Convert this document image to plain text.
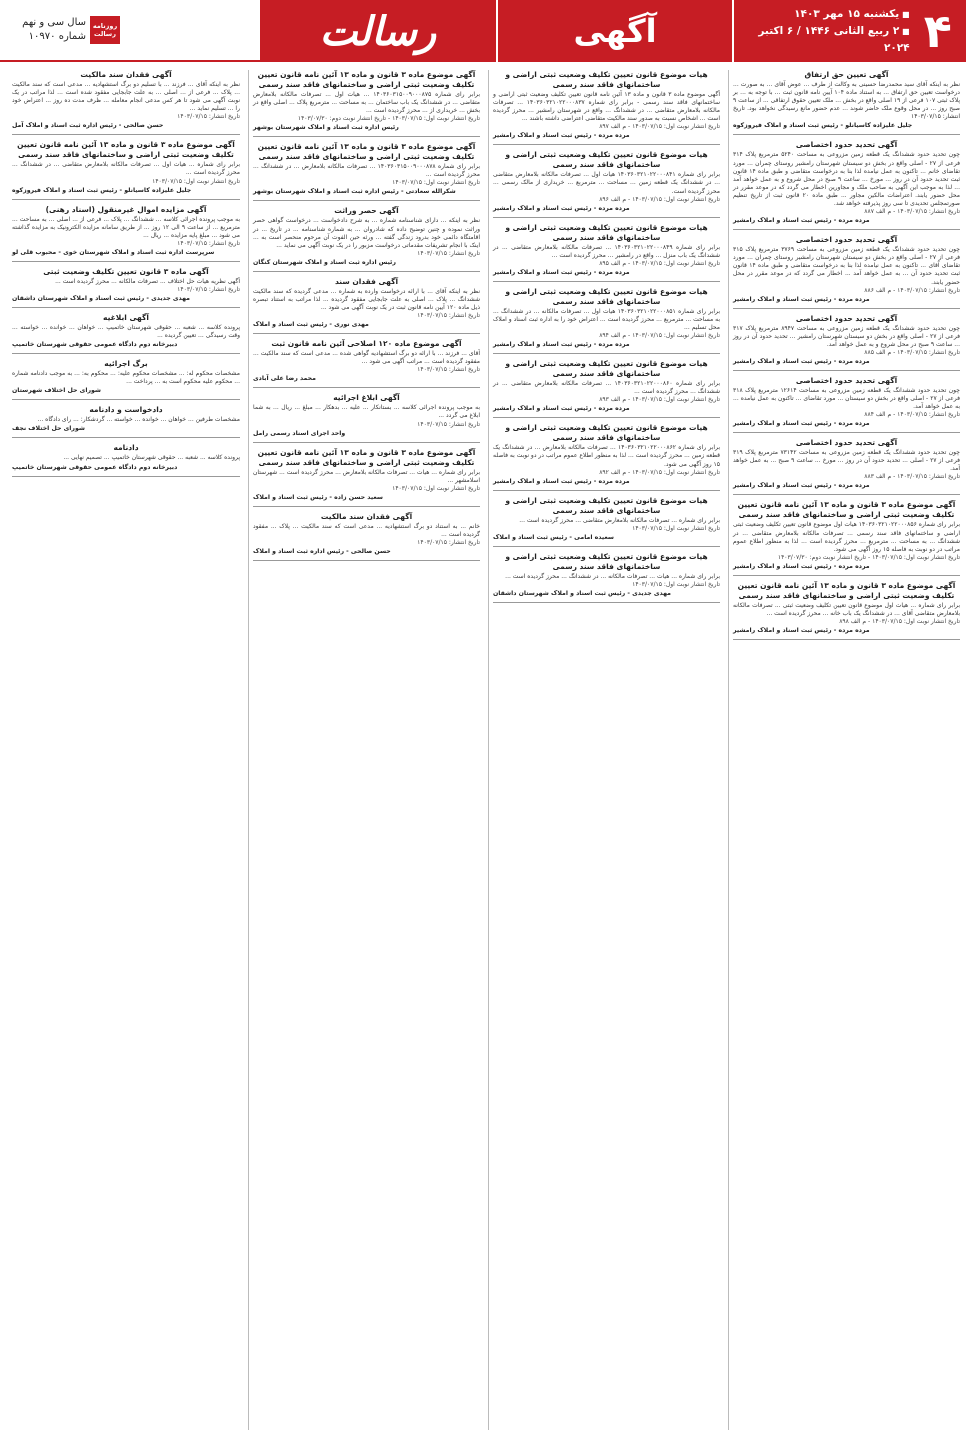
روزنامه رسالت
سال سی و نهم
شماره ۱۰۹۷۰	رسالت	آگهی	۴
■ یکشنبه ۱۵ مهر ۱۴۰۳
■ ۲ ربیع الثانی ۱۴۴۶ / ۶ اکتبر ۲۰۲۴
آگهی تعیین حق ارتفاق
نظر به اینکه آقای سید محمدرضا حسینی به وکالت از طرف ... عوض آقای ... به صورت ... درخواست تعیین حق ارتفاق ... به استناد ماده ۱۰۴ آیین نامه قانون ثبت ... با توجه به ... بر پلاک ثبتی ۱۰۷ فرعی از ۱۹ اصلی واقع در بخش ... ملک تعیین حقوق ارتفاقی ... از ساعت ۹ صبح روز ... در محل وقوع ملک حاضر شوند ... عدم حضور مانع رسیدگی نخواهد بود. تاریخ انتشار: ۱۴۰۳/۰۷/۱۵
جلیل علیزاده کاسیانلو - رئیس ثبت اسناد و املاک فیروزکوه
آگهی تحدید حدود اختصاصی
چون تحدید حدود ششدانگ یک قطعه زمین مزروعی به مساحت ۵۲۴۰ مترمربع پلاک ۳۱۴ فرعی از ۲۷ - اصلی واقع در بخش دو سیستان شهرستان رامشیر روستای چمران ... مورد تقاضای خانم ... تاکنون به عمل نیامده لذا بنا به درخواست متقاضی و طبق ماده ۱۴ قانون ثبت تحدید حدود آن در روز ... مورخ ... ساعت ۹ صبح در محل شروع و به عمل خواهد آمد ... لذا به موجب این آگهی به صاحب ملک و مجاورین اخطار می گردد که در موعد مقرر در محل حضور یابند. اعتراضات مالکین مجاور ... طبق ماده ۲۰ قانون ثبت از تاریخ تنظیم صورتمجلس تحدیدی تا سی روز پذیرفته خواهد شد.
تاریخ انتشار: ۱۴۰۳/۰۷/۱۵ - م الف ۸۸۷
مرده مرده - رئیس ثبت اسناد و املاک رامشیر
آگهی تحدید حدود اختصاصی
چون تحدید حدود ششدانگ یک قطعه زمین مزروعی به مساحت ۳۷۶۹ مترمربع پلاک ۳۱۵ فرعی از ۲۷ - اصلی واقع در بخش دو سیستان شهرستان رامشیر روستای چمران ... مورد تقاضای آقای ... تاکنون به عمل نیامده لذا بنا به درخواست متقاضی و طبق ماده ۱۴ قانون ثبت تحدید حدود آن ... به عمل خواهد آمد ... اخطار می گردد که در موعد مقرر در محل حضور یابند.
تاریخ انتشار: ۱۴۰۳/۰۷/۱۵ - م الف ۸۸۶
مرده مرده - رئیس ثبت اسناد و املاک رامشیر
آگهی تحدید حدود اختصاصی
چون تحدید حدود ششدانگ یک قطعه زمین مزروعی به مساحت ۸۹۴۷ مترمربع پلاک ۳۱۷ فرعی از ۲۷ - اصلی واقع در بخش دو سیستان شهرستان رامشیر ... تحدید حدود آن در روز ... ساعت ۹ صبح در محل شروع و به عمل خواهد آمد.
تاریخ انتشار: ۱۴۰۳/۰۷/۱۵ - م الف ۸۸۵
مرده مرده - رئیس ثبت اسناد و املاک رامشیر
آگهی تحدید حدود اختصاصی
چون تحدید حدود ششدانگ یک قطعه زمین مزروعی به مساحت ۱۲۶۱۴ مترمربع پلاک ۳۱۸ فرعی از ۲۷ - اصلی واقع در بخش دو سیستان ... مورد تقاضای ... تاکنون به عمل نیامده ... به عمل خواهد آمد.
تاریخ انتشار: ۱۴۰۳/۰۷/۱۵ - م الف ۸۸۴
مرده مرده - رئیس ثبت اسناد و املاک رامشیر
آگهی تحدید حدود اختصاصی
چون تحدید حدود ششدانگ یک قطعه زمین مزروعی به مساحت ۷۳۱۴۲ مترمربع پلاک ۳۱۹ فرعی از ۲۷ - اصلی ... تحدید حدود آن در روز ... مورخ ... ساعت ۹ صبح ... به عمل خواهد آمد.
تاریخ انتشار: ۱۴۰۳/۰۷/۱۵ - م الف ۸۸۳
مرده مرده - رئیس ثبت اسناد و املاک رامشیر
آگهی موضوع ماده ۳ قانون و ماده ۱۳ آئین نامه قانون تعیین تکلیف وضعیت ثبتی اراضی و ساختمانهای فاقد سند رسمی
برابر رای شماره ۱۴۰۳۶۰۳۲۱۰۲۲۰۰۰۸۵۶ هیات اول موضوع قانون تعیین تکلیف وضعیت ثبتی اراضی و ساختمانهای فاقد سند رسمی ... تصرفات مالکانه بلامعارض متقاضی ... در ششدانگ ... به مساحت ... مترمربع ... محرز گردیده است ... لذا به منظور اطلاع عموم مراتب در دو نوبت به فاصله ۱۵ روز آگهی می شود.
تاریخ انتشار نوبت اول: ۱۴۰۳/۰۷/۱۵ - تاریخ انتشار نوبت دوم: ۱۴۰۳/۰۷/۳۰
مرده مرده - رئیس ثبت اسناد و املاک رامشیر
آگهی موضوع ماده ۳ قانون و ماده ۱۳ آئین نامه قانون تعیین تکلیف وضعیت ثبتی اراضی و ساختمانهای فاقد سند رسمی
برابر رای شماره ... هیات اول موضوع قانون تعیین تکلیف وضعیت ثبتی ... تصرفات مالکانه بلامعارض متقاضی آقای ... در ششدانگ یک باب خانه ... محرز گردیده است ...
تاریخ انتشار نوبت اول: ۱۴۰۳/۰۷/۱۵ - م الف ۸۹۸
مرده مرده - رئیس ثبت اسناد و املاک رامشیر
هیات موضوع قانون تعیین تکلیف وضعیت ثبتی اراضی و ساختمانهای فاقد سند رسمی
آگهی موضوع ماده ۳ قانون و ماده ۱۳ آئین نامه قانون تعیین تکلیف وضعیت ثبتی اراضی و ساختمانهای فاقد سند رسمی - برابر رای شماره ۱۴۰۳۶۰۳۲۱۰۲۲۰۰۰۸۳۷ ... تصرفات مالکانه بلامعارض متقاضی ... در ششدانگ ... واقع در شهرستان رامشیر ... محرز گردیده است ... اشخاص نسبت به صدور سند مالکیت متقاضی اعتراضی داشته باشند ...
تاریخ انتشار نوبت اول: ۱۴۰۳/۰۷/۱۵ - م الف ۸۹۷
مرده مرده - رئیس ثبت اسناد و املاک رامشیر
هیات موضوع قانون تعیین تکلیف وضعیت ثبتی اراضی و ساختمانهای فاقد سند رسمی
برابر رای شماره ۱۴۰۳۶۰۳۲۱۰۲۲۰۰۰۸۴۱ هیات اول ... تصرفات مالکانه بلامعارض متقاضی ... در ششدانگ یک قطعه زمین ... مساحت ... مترمربع ... خریداری از مالک رسمی ... محرز گردیده است.
تاریخ انتشار نوبت اول: ۱۴۰۳/۰۷/۱۵ - م الف ۸۹۶
مرده مرده - رئیس ثبت اسناد و املاک رامشیر
هیات موضوع قانون تعیین تکلیف وضعیت ثبتی اراضی و ساختمانهای فاقد سند رسمی
برابر رای شماره ۱۴۰۳۶۰۳۲۱۰۲۲۰۰۰۸۴۹ ... تصرفات مالکانه بلامعارض متقاضی ... در ششدانگ یک باب منزل ... واقع در رامشیر ... محرز گردیده است ...
تاریخ انتشار نوبت اول: ۱۴۰۳/۰۷/۱۵ - م الف ۸۹۵
مرده مرده - رئیس ثبت اسناد و املاک رامشیر
هیات موضوع قانون تعیین تکلیف وضعیت ثبتی اراضی و ساختمانهای فاقد سند رسمی
برابر رای شماره ۱۴۰۳۶۰۳۲۱۰۲۲۰۰۰۸۵۱ هیات اول ... تصرفات مالکانه ... در ششدانگ ... به مساحت ... مترمربع ... محرز گردیده است ... اعتراض خود را به اداره ثبت اسناد و املاک محل تسلیم ...
تاریخ انتشار نوبت اول: ۱۴۰۳/۰۷/۱۵ - م الف ۸۹۴
مرده مرده - رئیس ثبت اسناد و املاک رامشیر
هیات موضوع قانون تعیین تکلیف وضعیت ثبتی اراضی و ساختمانهای فاقد سند رسمی
برابر رای شماره ۱۴۰۳۶۰۳۲۱۰۲۲۰۰۰۸۶۰ ... تصرفات مالکانه بلامعارض متقاضی ... در ششدانگ ... محرز گردیده است ...
تاریخ انتشار نوبت اول: ۱۴۰۳/۰۷/۱۵ - م الف ۸۹۳
مرده مرده - رئیس ثبت اسناد و املاک رامشیر
هیات موضوع قانون تعیین تکلیف وضعیت ثبتی اراضی و ساختمانهای فاقد سند رسمی
برابر رای شماره ۱۴۰۳۶۰۳۲۱۰۲۲۰۰۰۸۶۲ ... تصرفات مالکانه بلامعارض ... در ششدانگ یک قطعه زمین ... محرز گردیده است ... لذا به منظور اطلاع عموم مراتب در دو نوبت به فاصله ۱۵ روز آگهی می شود.
تاریخ انتشار نوبت اول: ۱۴۰۳/۰۷/۱۵ - م الف ۸۹۲
مرده مرده - رئیس ثبت اسناد و املاک رامشیر
هیات موضوع قانون تعیین تکلیف وضعیت ثبتی اراضی و ساختمانهای فاقد سند رسمی
برابر رای شماره ... تصرفات مالکانه بلامعارض متقاضی ... محرز گردیده است ...
تاریخ انتشار نوبت اول: ۱۴۰۳/۰۷/۱۵
سعیده امامی - رئیس ثبت اسناد و املاک
هیات موضوع قانون تعیین تکلیف وضعیت ثبتی اراضی و ساختمانهای فاقد سند رسمی
برابر رای شماره ... هیات ... تصرفات مالکانه ... در ششدانگ ... محرز گردیده است ...
تاریخ انتشار نوبت اول: ۱۴۰۳/۰۷/۱۵
مهدی جدیدی - رئیس ثبت اسناد و املاک شهرستان داشقان
آگهی موضوع ماده ۳ قانون و ماده ۱۳ آئین نامه قانون تعیین تکلیف وضعیت ثبتی اراضی و ساختمانهای فاقد سند رسمی
برابر رای شماره ۱۴۰۳۶۰۳۱۵۰۰۹۰۰۰۸۷۵ ... هیات اول ... تصرفات مالکانه بلامعارض متقاضی ... در ششدانگ یک باب ساختمان ... به مساحت ... مترمربع پلاک ... اصلی واقع در بخش ... خریداری از ... محرز گردیده است ...
تاریخ انتشار نوبت اول: ۱۴۰۳/۰۷/۱۵ - تاریخ انتشار نوبت دوم: ۱۴۰۳/۰۷/۳۰
رئیس اداره ثبت اسناد و املاک شهرستان بوشهر
آگهی موضوع ماده ۳ قانون و ماده ۱۳ آئین نامه قانون تعیین تکلیف وضعیت ثبتی اراضی و ساختمانهای فاقد سند رسمی
برابر رای شماره ۱۴۰۳۶۰۳۱۵۰۰۹۰۰۰۸۷۸ ... تصرفات مالکانه بلامعارض ... در ششدانگ ... محرز گردیده است ...
تاریخ انتشار نوبت اول: ۱۴۰۳/۰۷/۱۵
شکرالله سعادتی - رئیس اداره ثبت اسناد و املاک شهرستان بوشهر
آگهی حصر وراثت
نظر به اینکه ... دارای شناسنامه شماره ... به شرح دادخواست ... درخواست گواهی حصر وراثت نموده و چنین توضیح داده که شادروان ... به شماره شناسنامه ... در تاریخ ... در اقامتگاه دائمی خود بدرود زندگی گفته ... ورثه حین الفوت آن مرحوم منحصر است به ... اینک با انجام تشریفات مقدماتی درخواست مزبور را در یک نوبت آگهی می نماید ...
تاریخ انتشار: ۱۴۰۳/۰۷/۱۵
رئیس اداره ثبت اسناد و املاک شهرستان کنگان
آگهی فقدان سند
نظر به اینکه آقای ... با ارائه درخواست وارده به شماره ... مدعی گردیده که سند مالکیت ششدانگ ... پلاک ... اصلی به علت جابجایی مفقود گردیده ... لذا مراتب به استناد تبصره ذیل ماده ۱۲۰ آیین نامه قانون ثبت در یک نوبت آگهی می شود ...
تاریخ انتشار: ۱۴۰۳/۰۷/۱۵
مهدی نوری - رئیس ثبت اسناد و املاک
آگهی موضوع ماده ۱۲۰ اصلاحی آئین نامه قانون ثبت
آقای ... فرزند ... با ارائه دو برگ استشهادیه گواهی شده ... مدعی است که سند مالکیت ... مفقود گردیده است ... مراتب آگهی می شود ...
تاریخ انتشار: ۱۴۰۳/۰۷/۱۵
محمد رضا علی آبادی
آگهی ابلاغ اجرائیه
به موجب پرونده اجرائی کلاسه ... بستانکار ... علیه ... بدهکار ... مبلغ ... ریال ... به شما ابلاغ می گردد ...
تاریخ انتشار: ۱۴۰۳/۰۷/۱۵
واحد اجرای اسناد رسمی رامل
آگهی موضوع ماده ۳ قانون و ماده ۱۳ آئین نامه قانون تعیین تکلیف وضعیت ثبتی اراضی و ساختمانهای فاقد سند رسمی
برابر رای شماره ... هیات ... تصرفات مالکانه بلامعارض ... محرز گردیده است ... شهرستان اسلامشهر ...
تاریخ انتشار نوبت اول: ۱۴۰۳/۰۷/۱۵
سعید حسن زاده - رئیس ثبت اسناد و املاک
آگهی فقدان سند مالکیت
خانم ... به استناد دو برگ استشهادیه ... مدعی است که سند مالکیت ... پلاک ... مفقود گردیده است ...
تاریخ انتشار: ۱۴۰۳/۰۷/۱۵
حسن صالحی - رئیس اداره ثبت اسناد و املاک
آگهی فقدان سند مالکیت
نظر به اینکه آقای ... فرزند ... با تسلیم دو برگ استشهادیه ... مدعی است که سند مالکیت ... پلاک ... فرعی از ... اصلی ... به علت جابجایی مفقود شده است ... لذا مراتب در یک نوبت آگهی می شود تا هر کس مدعی انجام معامله ... ظرف مدت ده روز ... اعتراض خود را ... تسلیم نماید ...
تاریخ انتشار: ۱۴۰۳/۰۷/۱۵
حسن صالحی - رئیس اداره ثبت اسناد و املاک آمل
آگهی موضوع ماده ۳ قانون و ماده ۱۳ آئین نامه قانون تعیین تکلیف وضعیت ثبتی اراضی و ساختمانهای فاقد سند رسمی
برابر رای شماره ... هیات اول ... تصرفات مالکانه بلامعارض متقاضی ... در ششدانگ ... محرز گردیده است ...
تاریخ انتشار نوبت اول: ۱۴۰۳/۰۷/۱۵
جلیل علیزاده کاسیانلو - رئیس ثبت اسناد و املاک فیروزکوه
آگهی مزایده اموال غیرمنقول (اسناد رهنی)
به موجب پرونده اجرائی کلاسه ... ششدانگ ... پلاک ... فرعی از ... اصلی ... به مساحت ... مترمربع ... از ساعت ۹ الی ۱۲ روز ... از طریق سامانه مزایده الکترونیک به مزایده گذاشته می شود ... مبلغ پایه مزایده ... ریال ...
تاریخ انتشار: ۱۴۰۳/۰۷/۱۵
سرپرست اداره ثبت اسناد و املاک شهرستان خوی - محبوب قلی لو
آگهی ماده ۳ قانون تعیین تکلیف وضعیت ثبتی
آگهی نظریه هیات حل اختلاف ... تصرفات مالکانه ... محرز گردیده است ...
تاریخ انتشار: ۱۴۰۳/۰۷/۱۵
مهدی جدیدی - رئیس ثبت اسناد و املاک شهرستان داشقان
آگهی ابلاغیه
پرونده کلاسه ... شعبه ... حقوقی شهرستان خاتمیپ ... خواهان ... خوانده ... خواسته ... وقت رسیدگی ... تعیین گردیده ...
دبیرخانه دوم دادگاه عمومی حقوقی شهرستان خاتمیپ
برگ اجرائیه
مشخصات محکوم له: ... مشخصات محکوم علیه: ... محکوم به: ... به موجب دادنامه شماره ... محکوم علیه محکوم است به ... پرداخت ...
شورای حل اختلاف شهرستان
دادخواست و دادنامه
مشخصات طرفین ... خواهان ... خوانده ... خواسته ... گردشکار: ... رای دادگاه ...
شورای حل اختلاف نجف
دادنامه
پرونده کلاسه ... شعبه ... حقوقی شهرستان خاتمیپ ... تصمیم نهایی ...
دبیرخانه دوم دادگاه عمومی حقوقی شهرستان خاتمیپ
